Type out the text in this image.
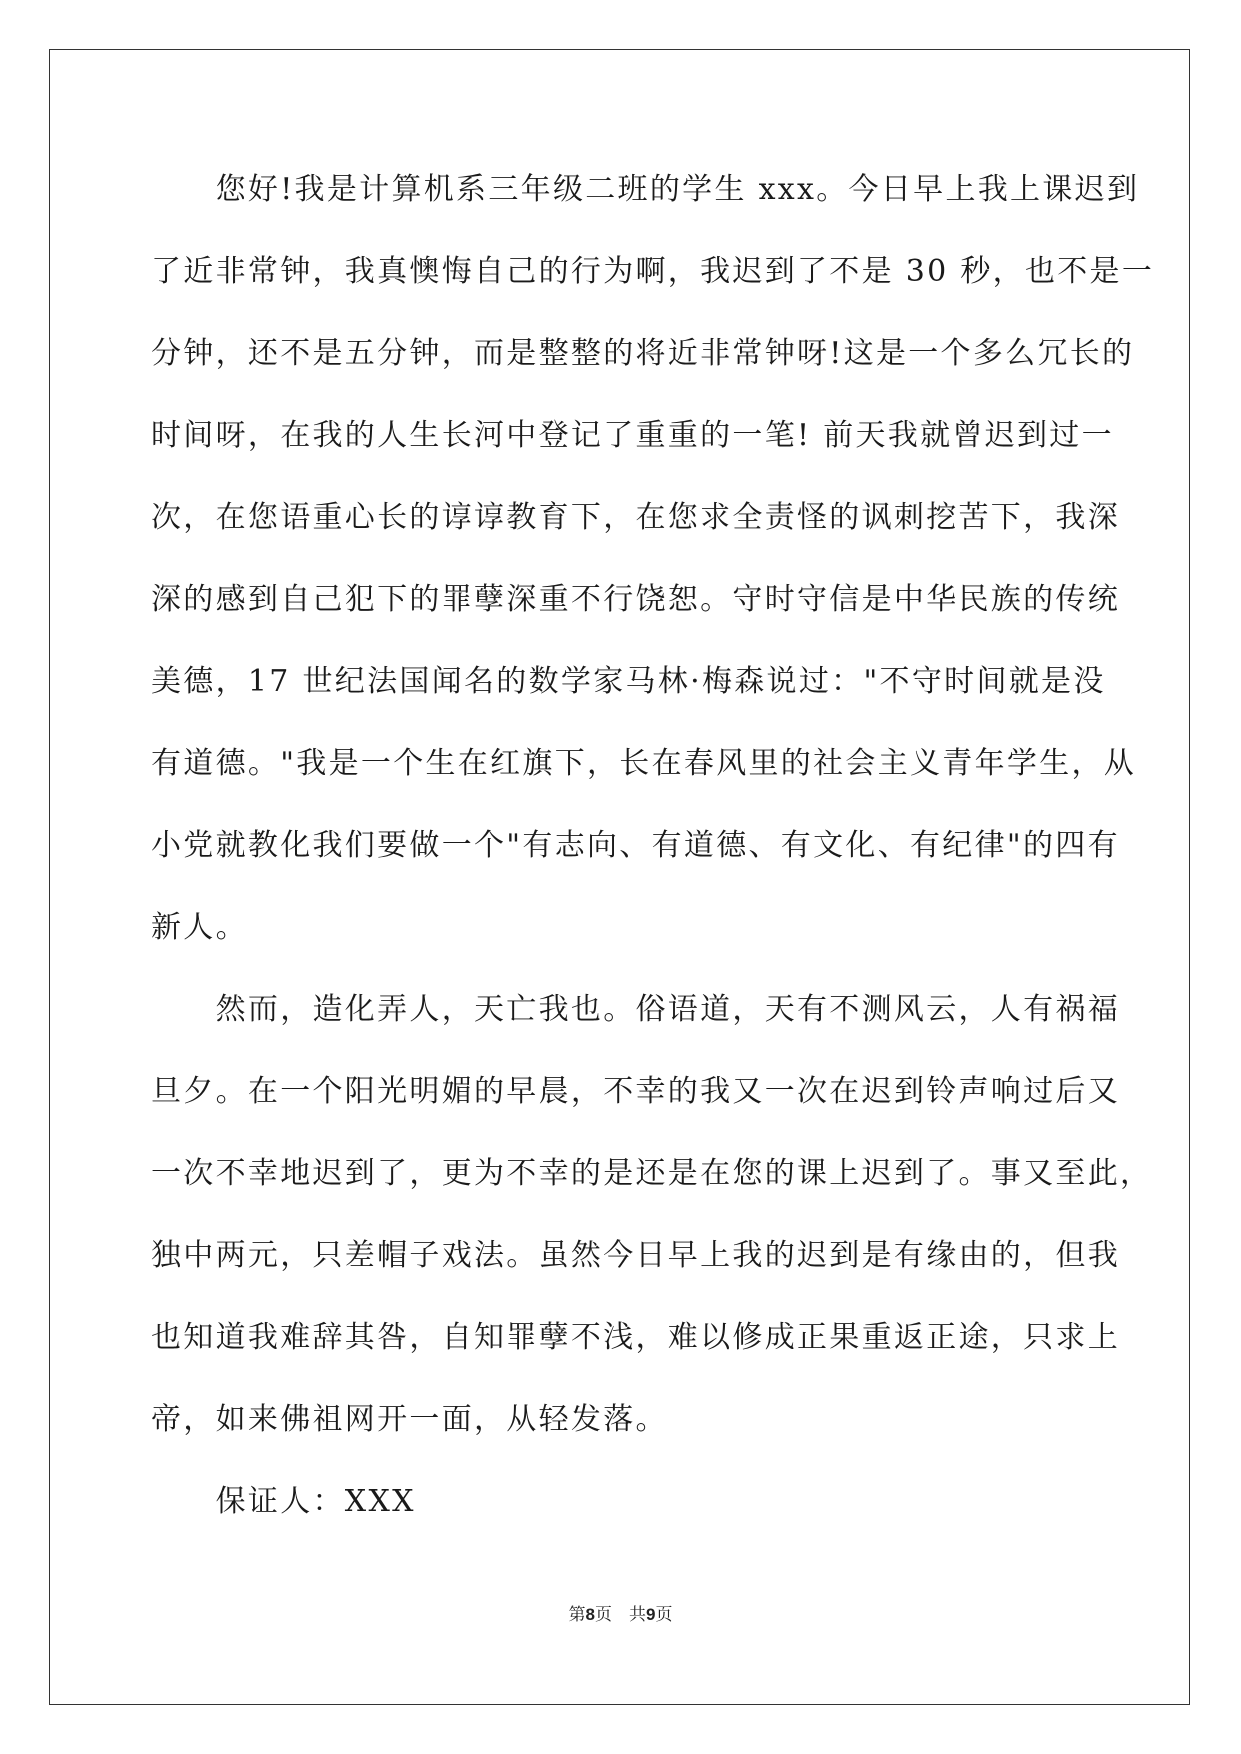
　　您好!我是计算机系三年级二班的学生 xxx。今日早上我上课迟到
了近非常钟，我真懊悔自己的行为啊，我迟到了不是 30 秒，也不是一
分钟，还不是五分钟，而是整整的将近非常钟呀!这是一个多么冗长的
时间呀，在我的人生长河中登记了重重的一笔! 前天我就曾迟到过一
次，在您语重心长的谆谆教育下，在您求全责怪的讽刺挖苦下，我深
深的感到自己犯下的罪孽深重不行饶恕。守时守信是中华民族的传统
美德，17 世纪法国闻名的数学家马林·梅森说过："不守时间就是没
有道德。"我是一个生在红旗下，长在春风里的社会主义青年学生，从
小党就教化我们要做一个"有志向、有道德、有文化、有纪律"的四有
新人。
　　然而，造化弄人，天亡我也。俗语道，天有不测风云，人有祸福
旦夕。在一个阳光明媚的早晨，不幸的我又一次在迟到铃声响过后又
一次不幸地迟到了，更为不幸的是还是在您的课上迟到了。事又至此，
独中两元，只差帽子戏法。虽然今日早上我的迟到是有缘由的，但我
也知道我难辞其咎，自知罪孽不浅，难以修成正果重返正途，只求上
帝，如来佛祖网开一面，从轻发落。
　　保证人：XXX
第8页　共9页
